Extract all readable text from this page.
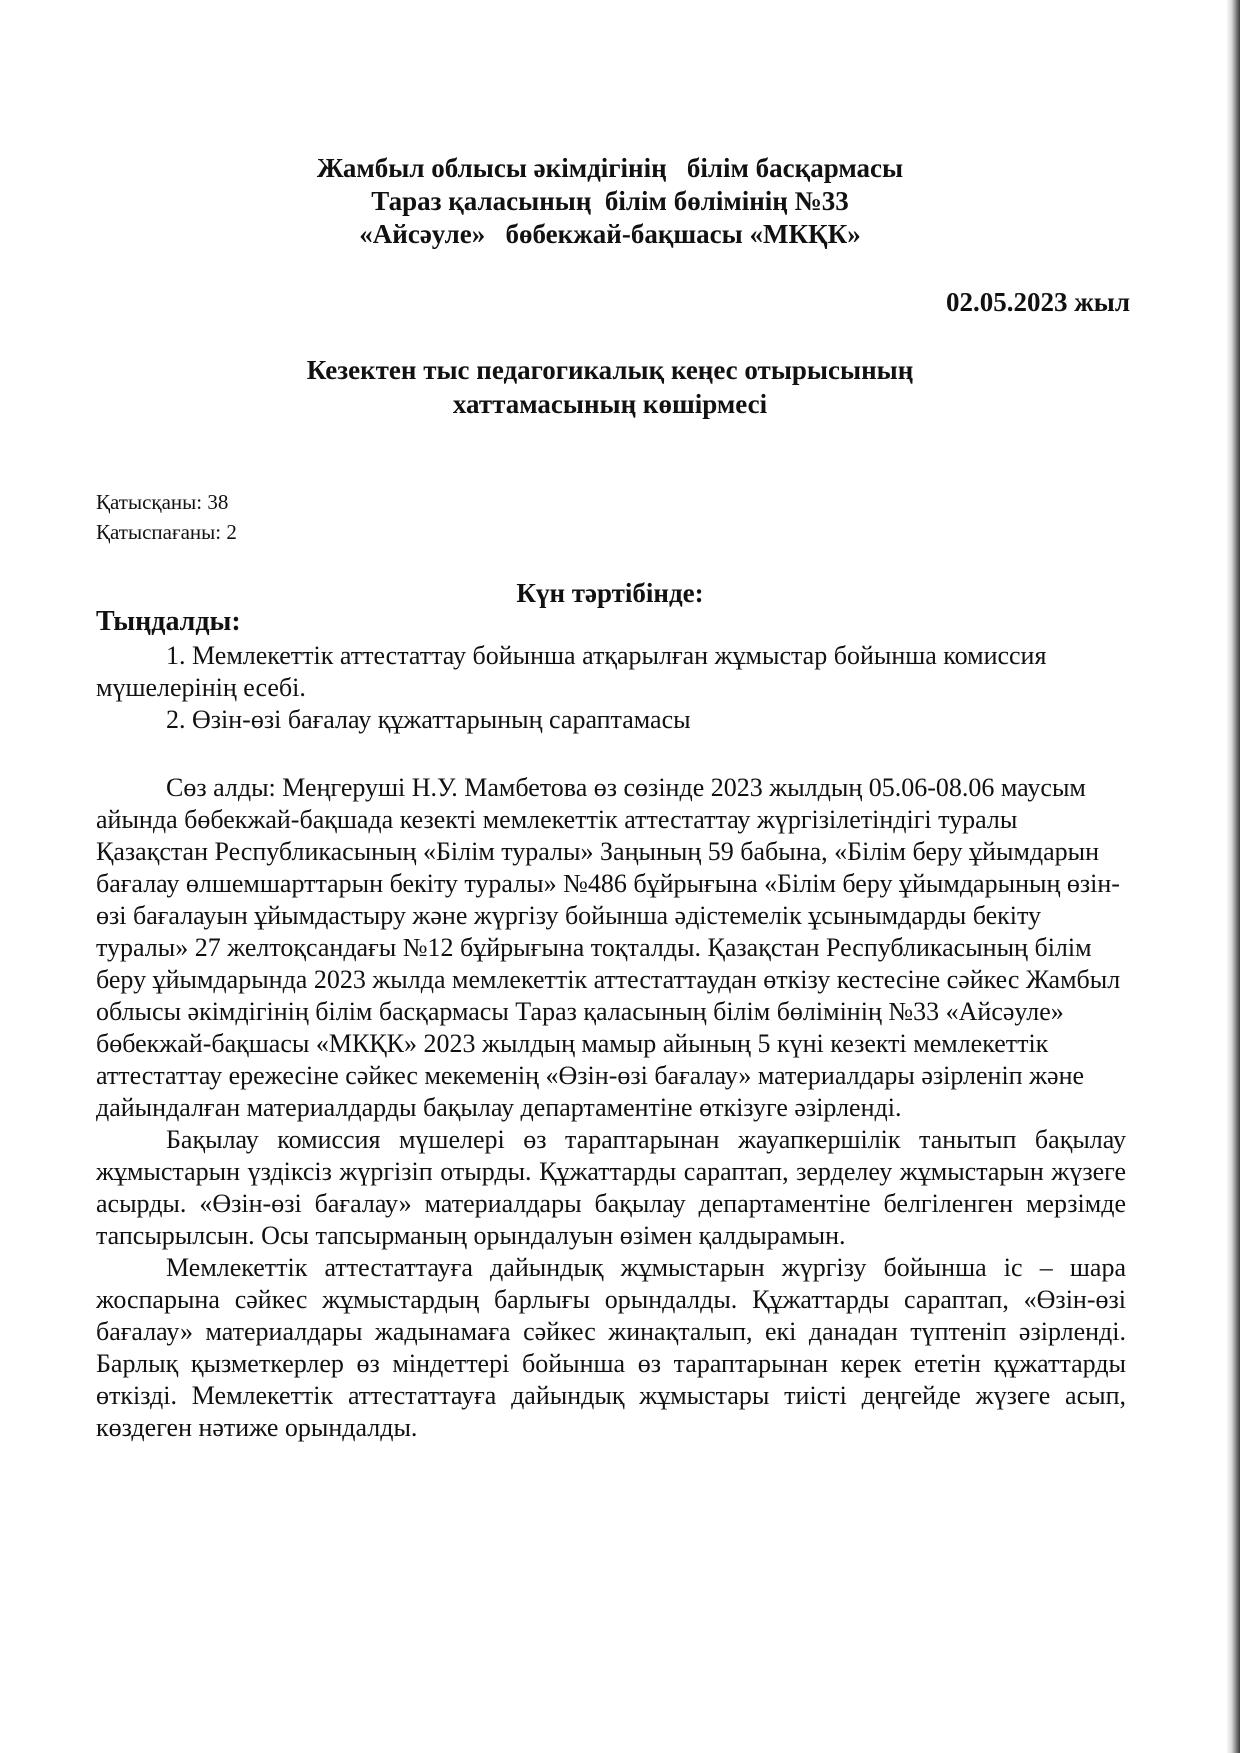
Жамбыл облысы әкімдігінің   білім басқармасы
Тараз қаласының  білім бөлімінің №33
«Айсәуле»   бөбекжай-бақшасы «МКҚК»
02.05.2023 жыл
Кезектен тыс педагогикалық кеңес отырысының
хаттамасының көшірмесі
Қатысқаны: 38
Қатыспағаны: 2
Күн тәртібінде:
Тыңдалды:

1. Мемлекеттік аттестаттау бойынша атқарылған жұмыстар бойынша комиссия мүшелерінің есебі.

2. Өзін-өзі бағалау құжаттарының сараптамасы

Сөз алды: Меңгеруші Н.У. Мамбетова өз сөзінде 2023 жылдың 05.06-08.06 маусым айында бөбекжай-бақшада кезекті мемлекеттік аттестаттау жүргізілетіндігі туралы Қазақстан Республикасының «Білім туралы» Заңының 59 бабына, «Білім беру ұйымдарын бағалау өлшемшарттарын бекіту туралы» №486 бұйрығына «Білім беру ұйымдарының өзін-өзі бағалауын ұйымдастыру және жүргізу бойынша әдістемелік ұсынымдарды бекіту туралы» 27 желтоқсандағы №12 бұйрығына тоқталды. Қазақстан Республикасының білім беру ұйымдарында 2023 жылда мемлекеттік аттестаттаудан өткізу кестесіне сәйкес Жамбыл облысы әкімдігінің білім басқармасы Тараз қаласының білім бөлімінің №33 «Айсәуле» бөбекжай-бақшасы «МКҚК» 2023 жылдың мамыр айының 5 күні кезекті мемлекеттік аттестаттау ережесіне сәйкес мекеменің «Өзін-өзі бағалау» материалдары әзірленіп және дайындалған материалдарды бақылау департаментіне өткізуге әзірленді.

Бақылау комиссия мүшелері өз тараптарынан жауапкершілік танытып бақылау жұмыстарын үздіксіз жүргізіп отырды. Құжаттарды сараптап, зерделеу жұмыстарын жүзеге асырды. «Өзін-өзі бағалау» материалдары бақылау департаментіне белгіленген мерзімде тапсырылсын. Осы тапсырманың орындалуын өзімен қалдырамын.

Мемлекеттік аттестаттауға дайындық жұмыстарын жүргізу бойынша іс – шара жоспарына сәйкес жұмыстардың барлығы орындалды. Құжаттарды сараптап, «Өзін-өзі бағалау» материалдары жадынамаға сәйкес жинақталып, екі данадан түптеніп әзірленді. Барлық қызметкерлер өз міндеттері бойынша өз тараптарынан керек ететін құжаттарды өткізді. Мемлекеттік аттестаттауға дайындық жұмыстары тиісті деңгейде жүзеге асып, көздеген нәтиже орындалды.
